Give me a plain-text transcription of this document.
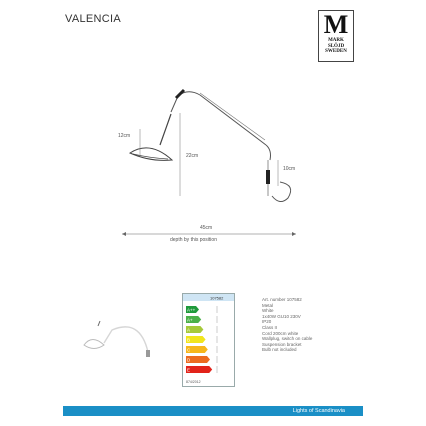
VALENCIA	M
MARK
SLÖJD
SWEDEN
12cm
22cm
10cm
45cm
depth by this position
107582
A++
A+
A
B
C
D
E
874/2012
Art. number 107582
Metal
White
1x40W GU10 230V
IP20
Class II
Cord 200cm white
Wallplug, switch on cable
Suspension bracket
Bulb not included
Lights of Scandinavia
